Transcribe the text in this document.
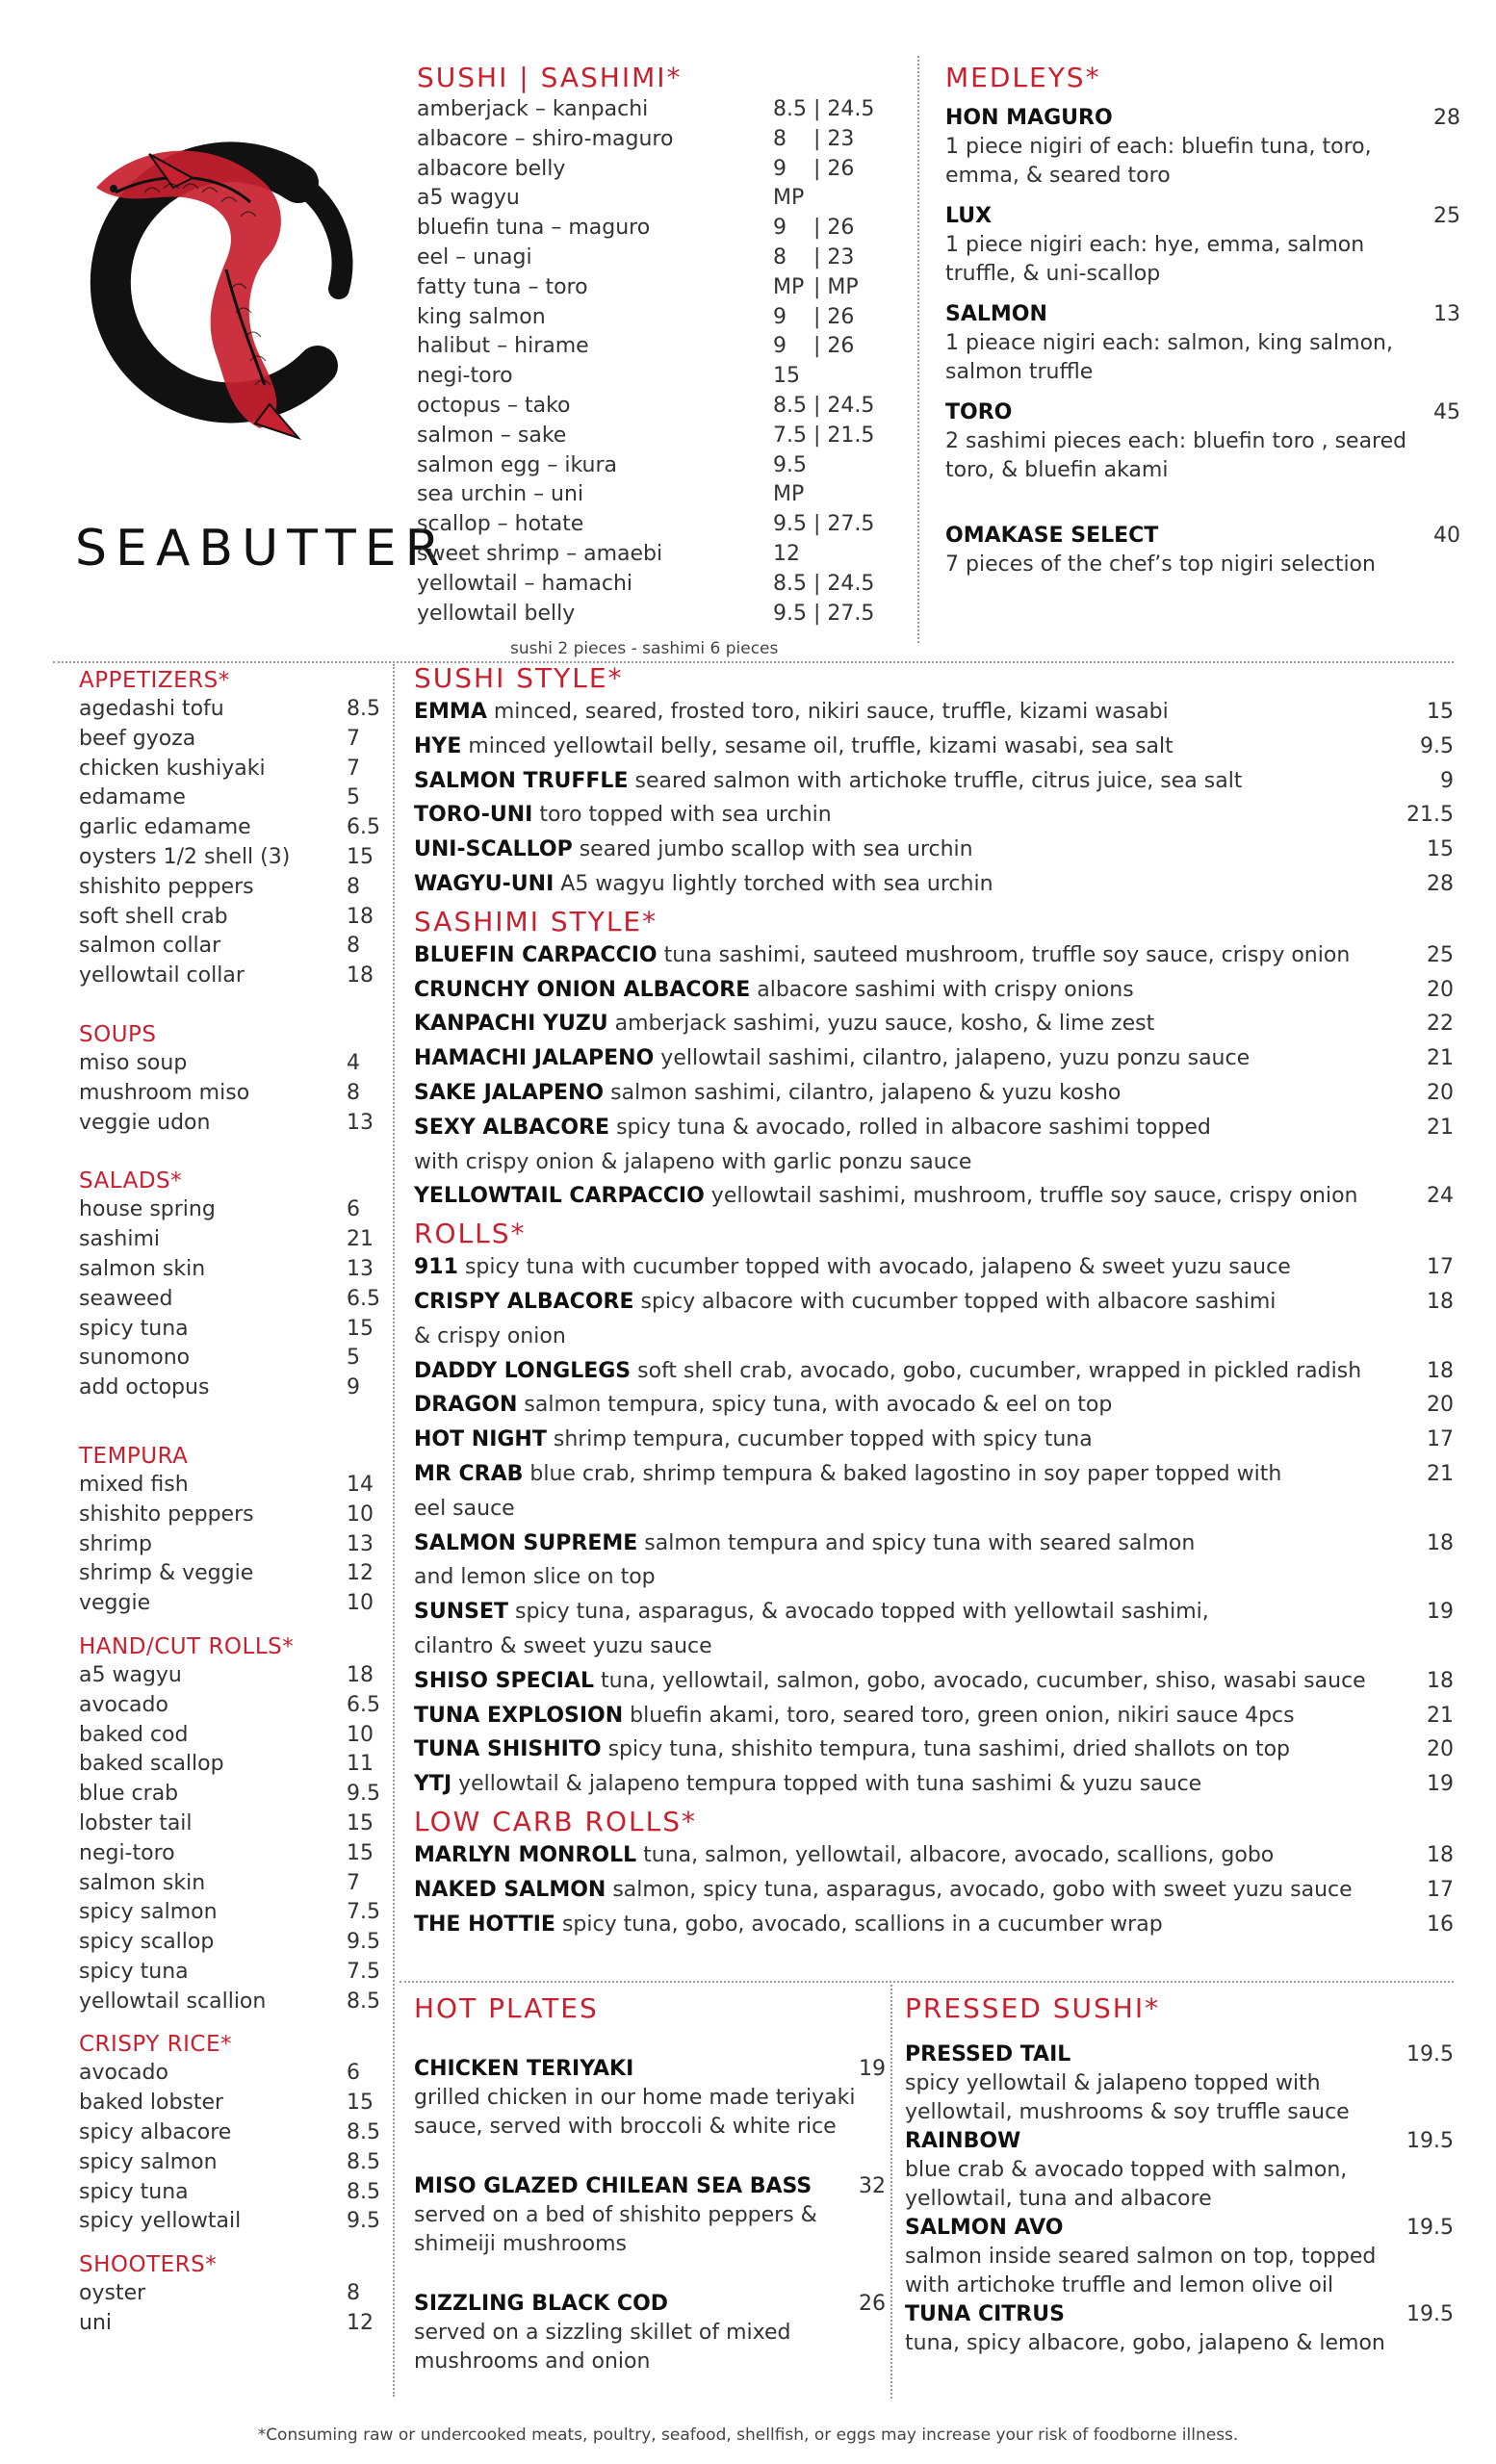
SEABUTTER
SUSHI | SASHIMI*
amberjack – kanpachi	8.5 | 24.5
albacore – shiro-maguro	8 | 23
albacore belly	9 | 26
a5 wagyu	MP
bluefin tuna – maguro	9 | 26
eel – unagi	8 | 23
fatty tuna – toro	MP | MP
king salmon	9 | 26
halibut – hirame	9 | 26
negi-toro	15
octopus – tako	8.5 | 24.5
salmon – sake	7.5 | 21.5
salmon egg – ikura	9.5
sea urchin – uni	MP
scallop – hotate	9.5 | 27.5
sweet shrimp – amaebi	12
yellowtail – hamachi	8.5 | 24.5
yellowtail belly	9.5 | 27.5
sushi 2 pieces - sashimi 6 pieces
MEDLEYS*
HON MAGURO	28
1 piece nigiri of each: bluefin tuna, toro,
emma, & seared toro
LUX	25
1 piece nigiri each: hye, emma, salmon
truffle, & uni-scallop
SALMON	13
1 pieace nigiri each: salmon, king salmon,
salmon truffle
TORO	45
2 sashimi pieces each: bluefin toro , seared
toro, & bluefin akami
OMAKASE SELECT	40
7 pieces of the chef’s top nigiri selection
APPETIZERS*
agedashi tofu	8.5
beef gyoza	7
chicken kushiyaki	7
edamame	5
garlic edamame	6.5
oysters 1/2 shell (3)	15
shishito peppers	8
soft shell crab	18
salmon collar	8
yellowtail collar	18
SOUPS
miso soup	4
mushroom miso	8
veggie udon	13
SALADS*
house spring	6
sashimi	21
salmon skin	13
seaweed	6.5
spicy tuna	15
sunomono	5
add octopus	9
TEMPURA
mixed fish	14
shishito peppers	10
shrimp	13
shrimp & veggie	12
veggie	10
HAND/CUT ROLLS*
a5 wagyu	18
avocado	6.5
baked cod	10
baked scallop	11
blue crab	9.5
lobster tail	15
negi-toro	15
salmon skin	7
spicy salmon	7.5
spicy scallop	9.5
spicy tuna	7.5
yellowtail scallion	8.5
CRISPY RICE*
avocado	6
baked lobster	15
spicy albacore	8.5
spicy salmon	8.5
spicy tuna	8.5
spicy yellowtail	9.5
SHOOTERS*
oyster	8
uni	12
SUSHI STYLE*
EMMA minced, seared, frosted toro, nikiri sauce, truffle, kizami wasabi	15
HYE minced yellowtail belly, sesame oil, truffle, kizami wasabi, sea salt	9.5
SALMON TRUFFLE seared salmon with artichoke truffle, citrus juice, sea salt	9
TORO-UNI toro topped with sea urchin	21.5
UNI-SCALLOP seared jumbo scallop with sea urchin	15
WAGYU-UNI A5 wagyu lightly torched with sea urchin	28
SASHIMI STYLE*
BLUEFIN CARPACCIO tuna sashimi, sauteed mushroom, truffle soy sauce, crispy onion	25
CRUNCHY ONION ALBACORE albacore sashimi with crispy onions	20
KANPACHI YUZU amberjack sashimi, yuzu sauce, kosho, & lime zest	22
HAMACHI JALAPENO yellowtail sashimi, cilantro, jalapeno, yuzu ponzu sauce	21
SAKE JALAPENO salmon sashimi, cilantro, jalapeno & yuzu kosho	20
SEXY ALBACORE spicy tuna & avocado, rolled in albacore sashimi topped	21
with crispy onion & jalapeno with garlic ponzu sauce
YELLOWTAIL CARPACCIO yellowtail sashimi, mushroom, truffle soy sauce, crispy onion	24
ROLLS*
911 spicy tuna with cucumber topped with avocado, jalapeno & sweet yuzu sauce	17
CRISPY ALBACORE spicy albacore with cucumber topped with albacore sashimi	18
& crispy onion
DADDY LONGLEGS soft shell crab, avocado, gobo, cucumber, wrapped in pickled radish	18
DRAGON salmon tempura, spicy tuna, with avocado & eel on top	20
HOT NIGHT shrimp tempura, cucumber topped with spicy tuna	17
MR CRAB blue crab, shrimp tempura & baked lagostino in soy paper topped with	21
eel sauce
SALMON SUPREME salmon tempura and spicy tuna with seared salmon	18
and lemon slice on top
SUNSET spicy tuna, asparagus, & avocado topped with yellowtail sashimi,	19
cilantro & sweet yuzu sauce
SHISO SPECIAL tuna, yellowtail, salmon, gobo, avocado, cucumber, shiso, wasabi sauce	18
TUNA EXPLOSION bluefin akami, toro, seared toro, green onion, nikiri sauce 4pcs	21
TUNA SHISHITO spicy tuna, shishito tempura, tuna sashimi, dried shallots on top	20
YTJ yellowtail & jalapeno tempura topped with tuna sashimi & yuzu sauce	19
LOW CARB ROLLS*
MARLYN MONROLL tuna, salmon, yellowtail, albacore, avocado, scallions, gobo	18
NAKED SALMON salmon, spicy tuna, asparagus, avocado, gobo with sweet yuzu sauce	17
THE HOTTIE spicy tuna, gobo, avocado, scallions in a cucumber wrap	16
HOT PLATES
CHICKEN TERIYAKI	19
grilled chicken in our home made teriyaki
sauce, served with broccoli & white rice
MISO GLAZED CHILEAN SEA BASS	32
served on a bed of shishito peppers &
shimeiji mushrooms
SIZZLING BLACK COD	26
served on a sizzling skillet of mixed
mushrooms and onion
PRESSED SUSHI*
PRESSED TAIL	19.5
spicy yellowtail & jalapeno topped with
yellowtail, mushrooms & soy truffle sauce
RAINBOW	19.5
blue crab & avocado topped with salmon,
yellowtail, tuna and albacore
SALMON AVO	19.5
salmon inside seared salmon on top, topped
with artichoke truffle and lemon olive oil
TUNA CITRUS	19.5
tuna, spicy albacore, gobo, jalapeno & lemon
*Consuming raw or undercooked meats, poultry, seafood, shellfish, or eggs may increase your risk of foodborne illness.
